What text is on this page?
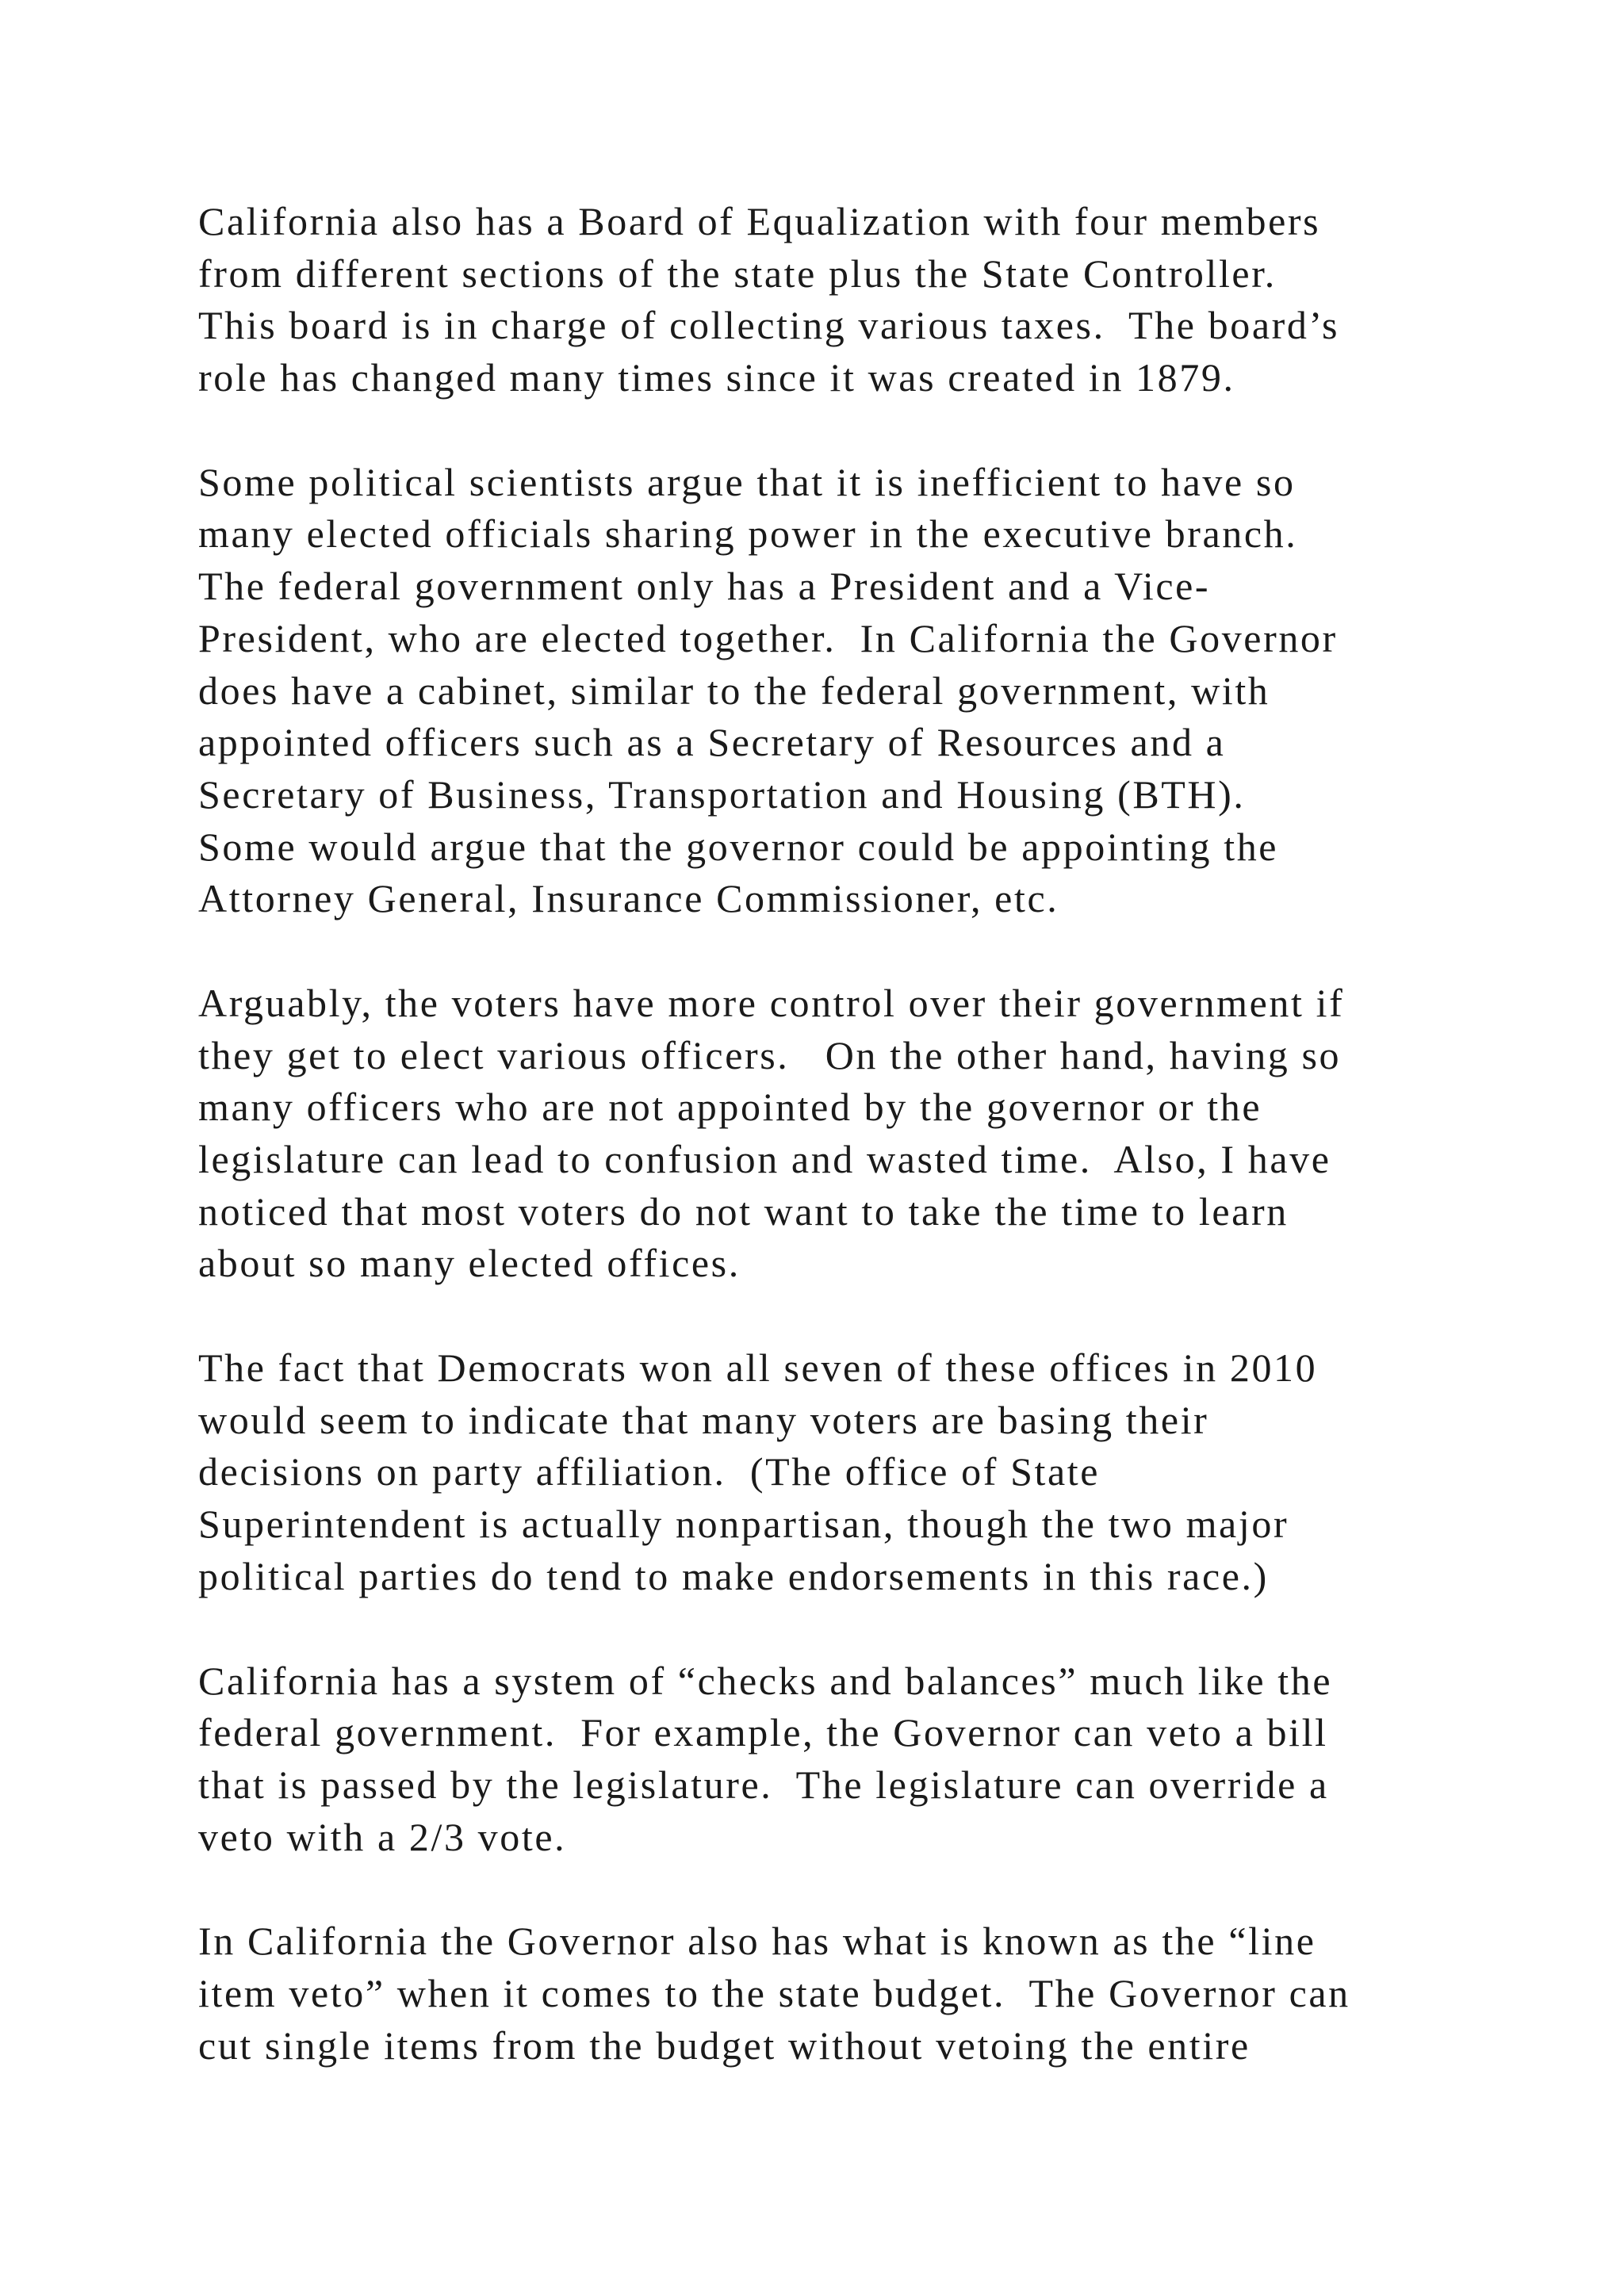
California also has a Board of Equalization with four members
from different sections of the state plus the State Controller.
This board is in charge of collecting various taxes.  The board’s
role has changed many times since it was created in 1879.

Some political scientists argue that it is inefficient to have so
many elected officials sharing power in the executive branch.
The federal government only has a President and a Vice-
President, who are elected together.  In California the Governor
does have a cabinet, similar to the federal government, with
appointed officers such as a Secretary of Resources and a
Secretary of Business, Transportation and Housing (BTH).
Some would argue that the governor could be appointing the
Attorney General, Insurance Commissioner, etc.

Arguably, the voters have more control over their government if
they get to elect various officers.   On the other hand, having so
many officers who are not appointed by the governor or the
legislature can lead to confusion and wasted time.  Also, I have
noticed that most voters do not want to take the time to learn
about so many elected offices.

The fact that Democrats won all seven of these offices in 2010
would seem to indicate that many voters are basing their
decisions on party affiliation.  (The office of State
Superintendent is actually nonpartisan, though the two major
political parties do tend to make endorsements in this race.)

California has a system of “checks and balances” much like the
federal government.  For example, the Governor can veto a bill
that is passed by the legislature.  The legislature can override a
veto with a 2/3 vote.

In California the Governor also has what is known as the “line
item veto” when it comes to the state budget.  The Governor can
cut single items from the budget without vetoing the entire
